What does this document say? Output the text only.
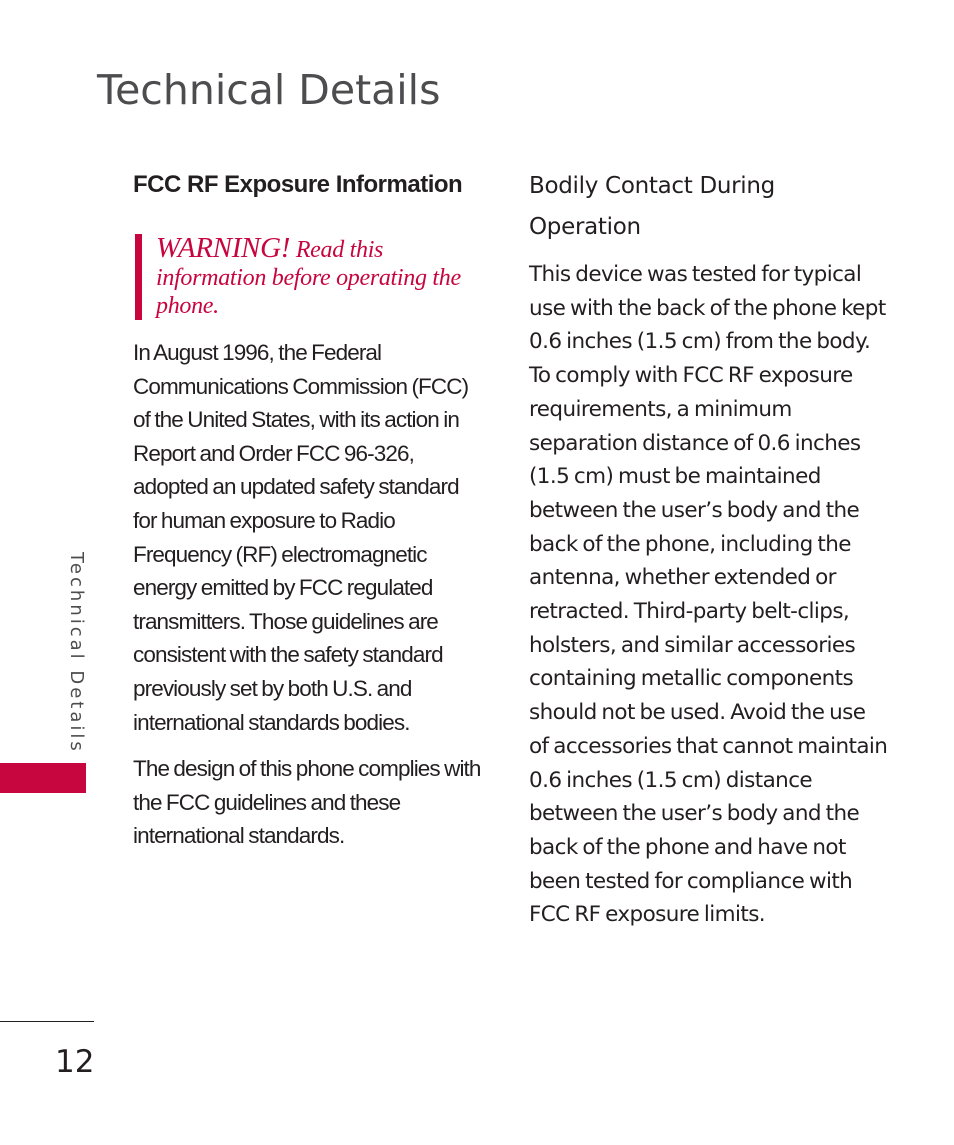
Technical Details
Technical Details
FCC RF Exposure Information
WARNING! Read this information before operating the phone.

In August 1996, the Federal Communications Commission (FCC) of the United States, with its action in Report and Order FCC 96-326, adopted an updated safety standard for human exposure to Radio Frequency (RF) electromagnetic energy emitted by FCC regulated transmitters. Those guidelines are consistent with the safety standard previously set by both U.S. and international standards bodies.

The design of this phone complies with the FCC guidelines and these international standards.

Bodily Contact During Operation

This device was tested for typical use with the back of the phone kept 0.6 inches (1.5 cm) from the body. To comply with FCC RF exposure requirements, a minimum separation distance of 0.6 inches (1.5 cm) must be maintained between the user’s body and the back of the phone, including the antenna, whether extended or retracted. Third-party belt-clips, holsters, and similar accessories containing metallic components should not be used. Avoid the use of accessories that cannot maintain 0.6 inches (1.5 cm) distance between the user’s body and the back of the phone and have not been tested for compliance with FCC RF exposure limits.

12
